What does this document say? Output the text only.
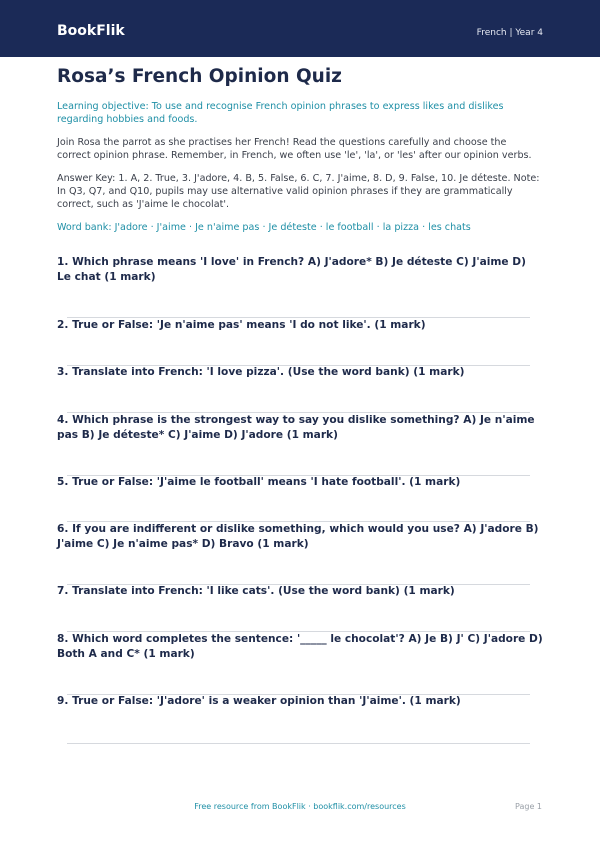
BookFlik	French | Year 4
Rosa’s French Opinion Quiz
Learning objective: To use and recognise French opinion phrases to express likes and dislikes regarding hobbies and foods.
Join Rosa the parrot as she practises her French! Read the questions carefully and choose the correct opinion phrase. Remember, in French, we often use 'le', 'la', or 'les' after our opinion verbs.
Answer Key: 1. A, 2. True, 3. J'adore, 4. B, 5. False, 6. C, 7. J'aime, 8. D, 9. False, 10. Je déteste. Note: In Q3, Q7, and Q10, pupils may use alternative valid opinion phrases if they are grammatically correct, such as 'J'aime le chocolat'.
Word bank: J'adore · J'aime · Je n'aime pas · Je déteste · le football · la pizza · les chats
1. Which phrase means 'I love' in French? A) J'adore* B) Je déteste C) J'aime D) Le chat (1 mark)
2. True or False: 'Je n'aime pas' means 'I do not like'. (1 mark)
3. Translate into French: 'I love pizza'. (Use the word bank) (1 mark)
4. Which phrase is the strongest way to say you dislike something? A) Je n'aime pas B) Je déteste* C) J'aime D) J'adore (1 mark)
5. True or False: 'J'aime le football' means 'I hate football'. (1 mark)
6. If you are indifferent or dislike something, which would you use? A) J'adore B) J'aime C) Je n'aime pas* D) Bravo (1 mark)
7. Translate into French: 'I like cats'. (Use the word bank) (1 mark)
8. Which word completes the sentence: '_____ le chocolat'? A) Je B) J' C) J'adore D) Both A and C* (1 mark)
9. True or False: 'J'adore' is a weaker opinion than 'J'aime'. (1 mark)
Free resource from BookFlik · bookflik.com/resources	Page 1
